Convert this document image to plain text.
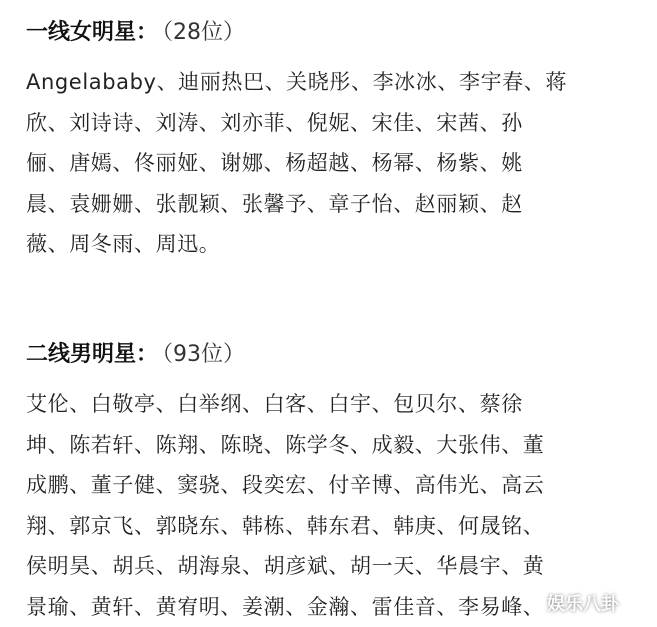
一线女明星： （28位）
Angelababy、迪丽热巴、关晓彤、李冰冰、李宇春、蒋
欣、刘诗诗、刘涛、刘亦菲、倪妮、宋佳、宋茜、孙
俪、唐嫣、佟丽娅、谢娜、杨超越、杨幂、杨紫、姚
晨、袁姗姗、张靓颖、张馨予、章子怡、赵丽颖、赵
薇、周冬雨、周迅。
二线男明星： （93位）
艾伦、白敬亭、白举纲、白客、白宇、包贝尔、蔡徐
坤、陈若轩、陈翔、陈晓、陈学冬、成毅、大张伟、董
成鹏、董子健、窦骁、段奕宏、付辛博、高伟光、高云
翔、郭京飞、郭晓东、韩栋、韩东君、韩庚、何晟铭、
侯明昊、胡兵、胡海泉、胡彦斌、胡一天、华晨宇、黄
景瑜、黄轩、黄宥明、姜潮、金瀚、雷佳音、李易峰、 娱乐八卦
